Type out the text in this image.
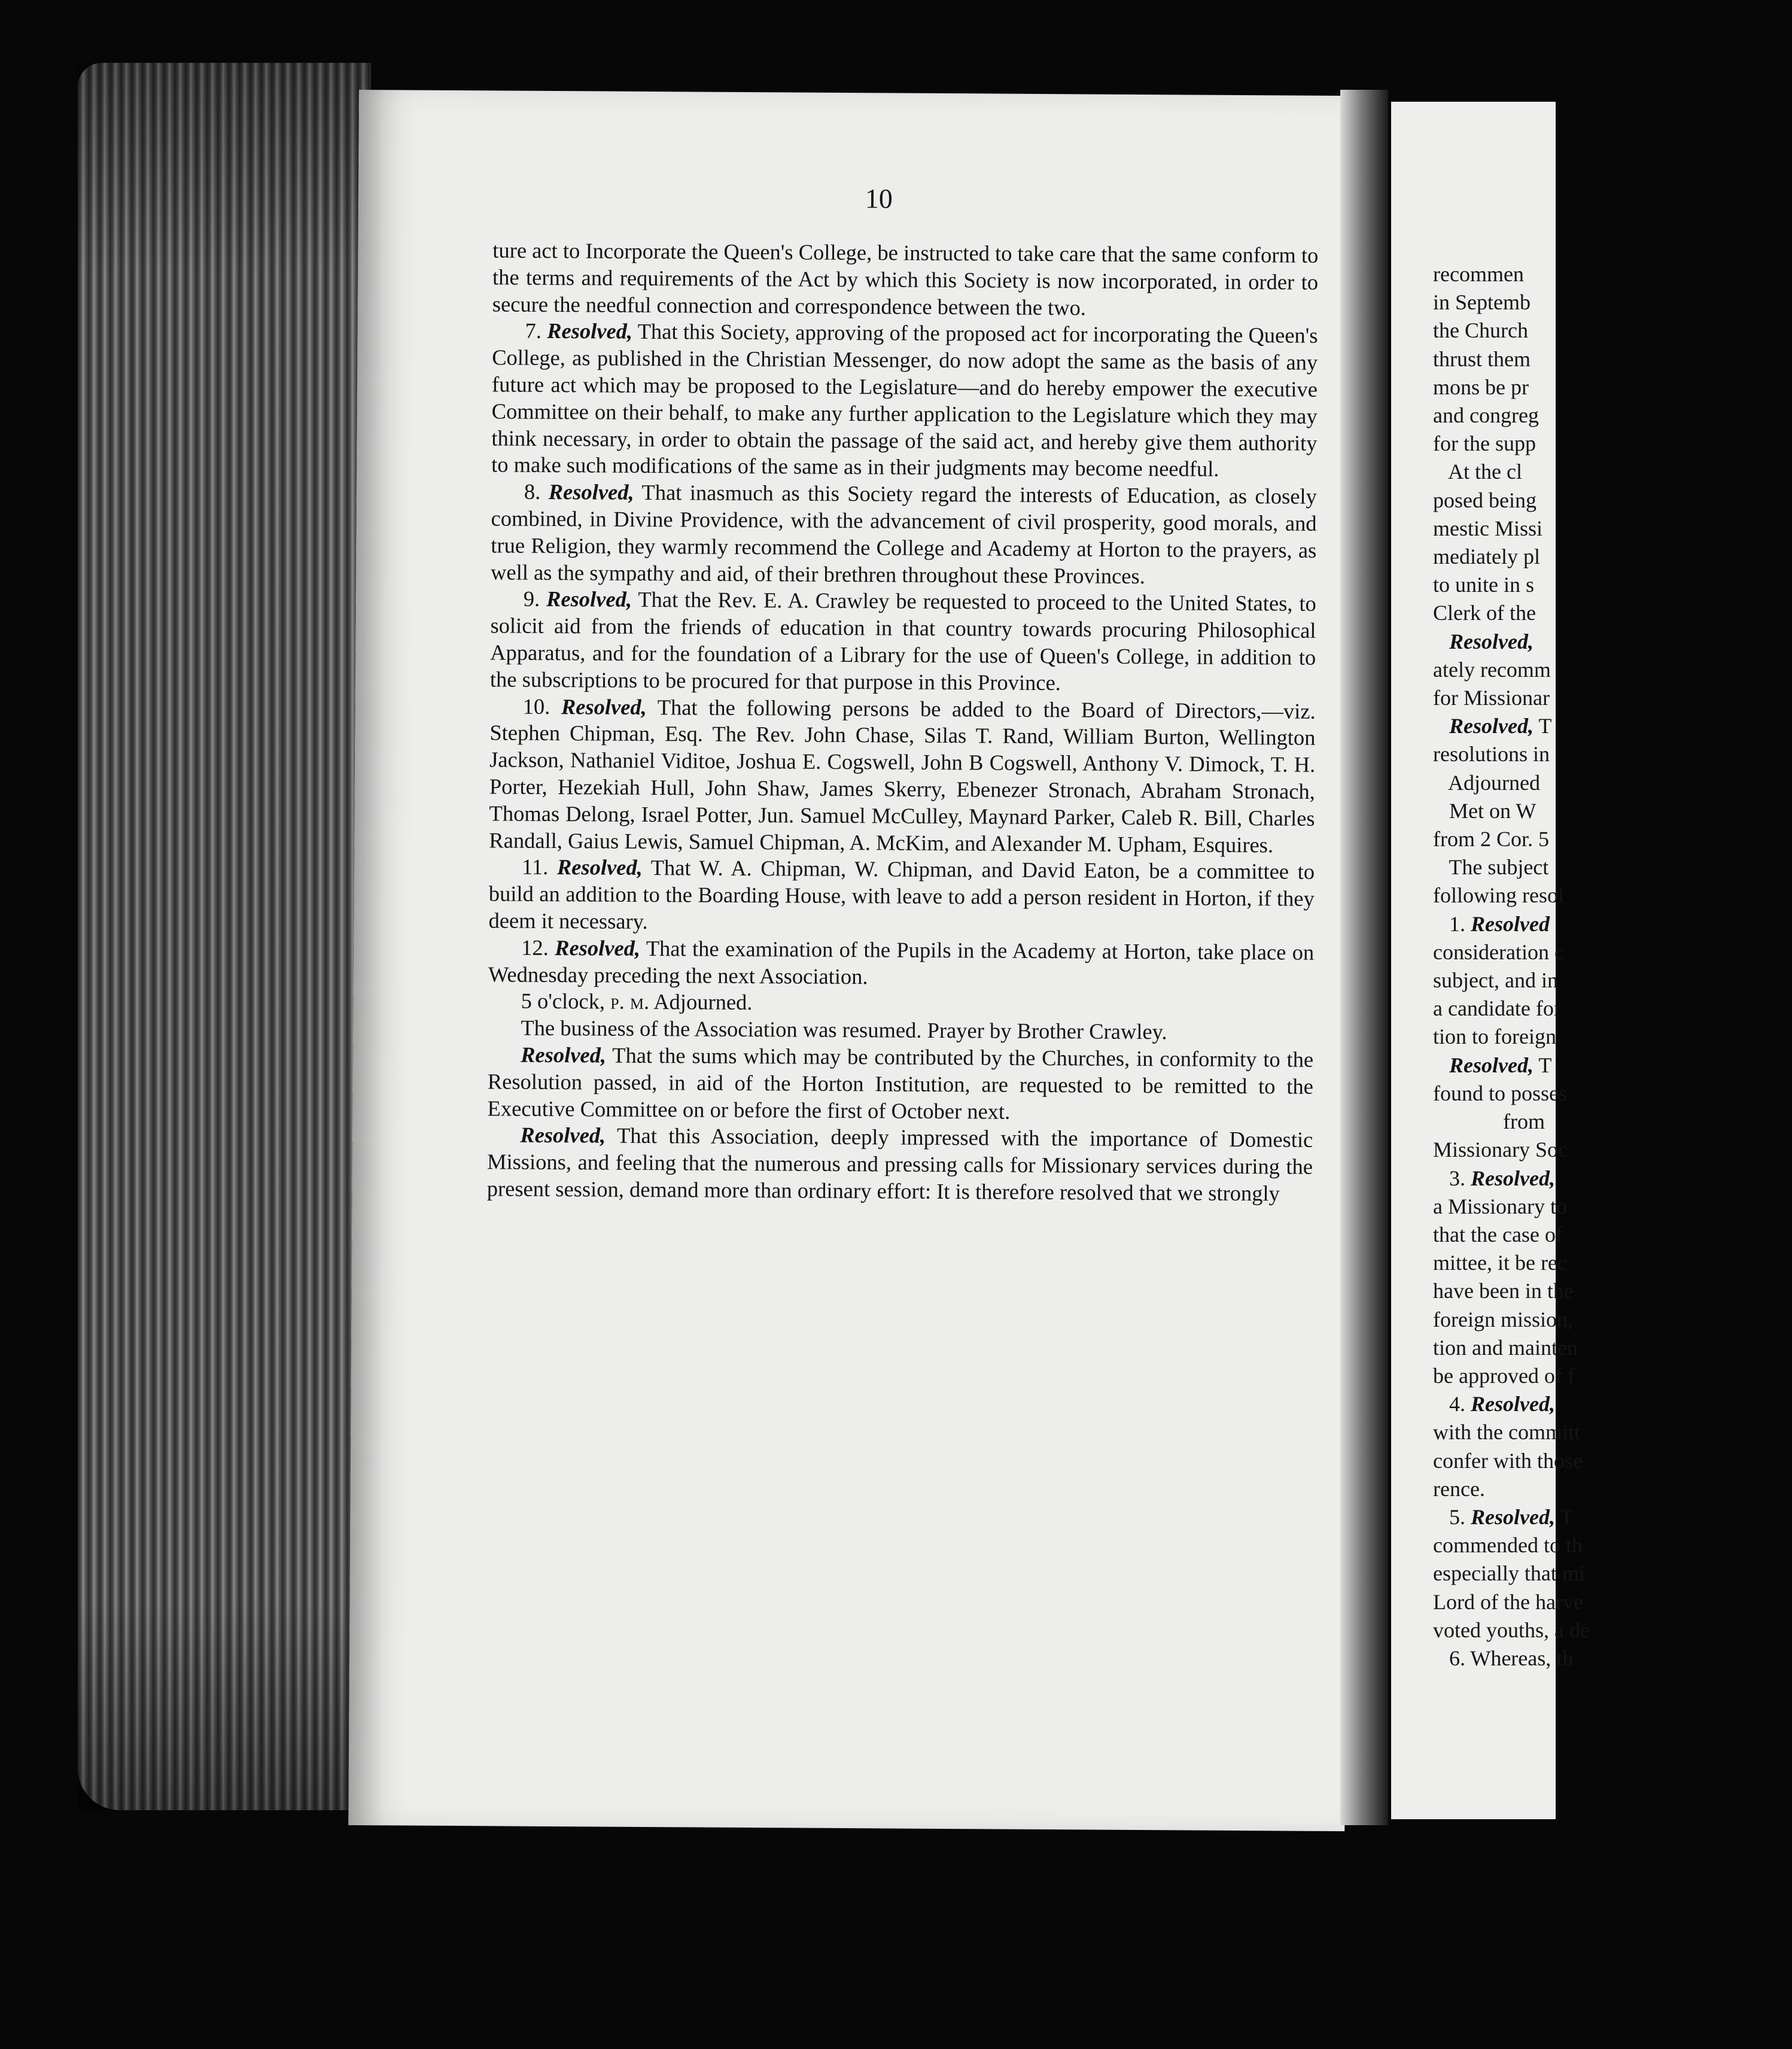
10

ture act to Incorporate the Queen's College, be instructed to take care that the same conform to the terms and requirements of the Act by which this Society is now incorporated, in order to secure the needful connection and correspondence between the two.

7. Resolved, That this Society, approving of the proposed act for incorporating the Queen's College, as published in the Christian Messenger, do now adopt the same as the basis of any future act which may be proposed to the Legislature—and do hereby empower the executive Committee on their behalf, to make any further application to the Legislature which they may think necessary, in order to obtain the passage of the said act, and hereby give them authority to make such modifications of the same as in their judgments may become needful.

8. Resolved, That inasmuch as this Society regard the interests of Education, as closely combined, in Divine Providence, with the advancement of civil prosperity, good morals, and true Religion, they warmly recommend the College and Academy at Horton to the prayers, as well as the sympathy and aid, of their brethren throughout these Provinces.

9. Resolved, That the Rev. E. A. Crawley be requested to proceed to the United States, to solicit aid from the friends of education in that country towards procuring Philosophical Apparatus, and for the foundation of a Library for the use of Queen's College, in addition to the subscriptions to be procured for that purpose in this Province.

10. Resolved, That the following persons be added to the Board of Directors,—viz. Stephen Chipman, Esq. The Rev. John Chase, Silas T. Rand, William Burton, Wellington Jackson, Nathaniel Viditoe, Joshua E. Cogswell, John B Cogswell, Anthony V. Dimock, T. H. Porter, Hezekiah Hull, John Shaw, James Skerry, Ebenezer Stronach, Abraham Stronach, Thomas Delong, Israel Potter, Jun. Samuel McCulley, Maynard Parker, Caleb R. Bill, Charles Randall, Gaius Lewis, Samuel Chipman, A. McKim, and Alexander M. Upham, Esquires.

11. Resolved, That W. A. Chipman, W. Chipman, and David Eaton, be a committee to build an addition to the Boarding House, with leave to add a person resident in Horton, if they deem it necessary.

12. Resolved, That the examination of the Pupils in the Academy at Horton, take place on Wednesday preceding the next Association.

5 o'clock, p. m. Adjourned.

The business of the Association was resumed. Prayer by Brother Crawley.

Resolved, That the sums which may be contributed by the Churches, in conformity to the Resolution passed, in aid of the Horton Institution, are requested to be remitted to the Executive Committee on or before the first of October next.

Resolved, That this Association, deeply impressed with the importance of Domestic Missions, and feeling that the numerous and pressing calls for Missionary services during the present session, demand more than ordinary effort: It is therefore resolved that we strongly

recommen

in Septemb

the Church

thrust them

mons be pr

and congreg

for the supp

At the cl

posed being

mestic Missi

mediately pl

to unite in s

Clerk of the

Resolved,

ately recomm

for Missionar

Resolved, T

resolutions in

Adjourned

Met on W

from 2 Cor. 5

The subject

following resol

1. Resolved

consideration c

subject, and in

a candidate for

tion to foreign

Resolved, T

found to posses

from

Missionary Soc

3. Resolved,

a Missionary to

that the case of

mittee, it be rec

have been in the

foreign mission,

tion and mainten

be approved of f

4. Resolved,

with the committ

confer with those

rence.

5. Resolved, T

commended to th

especially that mi

Lord of the harve

voted youths, a de

6. Whereas, th
